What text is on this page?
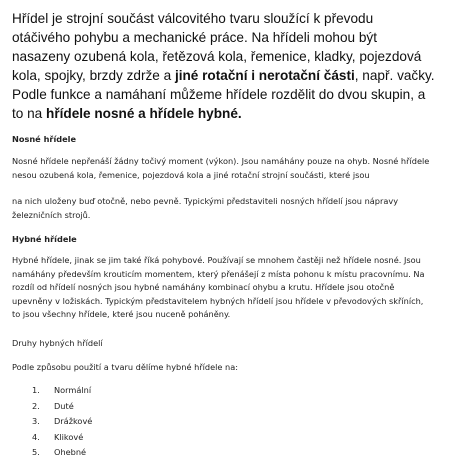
Hřídel je strojní součást válcovitého tvaru sloužící k převodu
otáčivého pohybu a mechanické práce. Na hřídeli mohou být
nasazeny ozubená kola, řetězová kola, řemenice, kladky, pojezdová
kola, spojky, brzdy zdrže a jiné rotační i nerotační části, např. vačky.
Podle funkce a namáhaní můžeme hřídele rozdělit do dvou skupin, a
to na hřídele nosné a hřídele hybné.
Nosné hřídele
Nosné hřídele nepřenáší žádny točivý moment (výkon). Jsou namáhány pouze na ohyb. Nosné hřídele
nesou ozubená kola, řemenice, pojezdová kola a jiné rotační strojní součásti, které jsou
na nich uloženy buď otočně, nebo pevně. Typickými představiteli nosných hřídelí jsou nápravy
železničních strojů.
Hybné hřídele
Hybné hřídele, jinak se jim také říká pohybové. Používají se mnohem častěji než hřídele nosné. Jsou
namáhány především krouticím momentem, který přenášejí z místa pohonu k místu pracovnímu. Na
rozdíl od hřídelí nosných jsou hybné namáhány kombinací ohybu a krutu. Hřídele jsou otočně
upevněny v ložiskách. Typickým představitelem hybných hřídelí jsou hřídele v převodových skříních,
to jsou všechny hřídele, které jsou nuceně poháněny.
Druhy hybných hřídelí
Podle způsobu použití a tvaru dělíme hybné hřídele na:
1.	Normální
2.	Duté
3.	Drážkové
4.	Klikové
5.	Ohebné
